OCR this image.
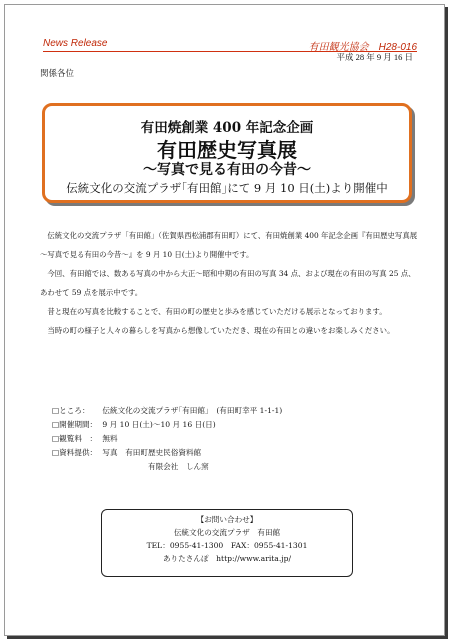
News Release	有田観光協会　H28-016
平成 28 年 9 月 16 日
関係各位
有田焼創業 400 年記念企画
有田歴史写真展
～写真で見る有田の今昔～
伝統文化の交流プラザ｢有田館｣にて 9 月 10 日(土)より開催中

伝統文化の交流プラザ「有田館」（佐賀県西松浦郡有田町）にて、有田焼創業 400 年記念企画『有田歴史写真展～写真で見る有田の今昔～』を 9 月 10 日(土)より開催中です。

今回、有田館では、数ある写真の中から大正～昭和中期の有田の写真 34 点、および現在の有田の写真 25 点、あわせて 59 点を展示中です。

昔と現在の写真を比較することで、有田の町の歴史と歩みを感じていただける展示となっております。

当時の町の様子と人々の暮らしを写真から想像していただき、現在の有田との違いをお楽しみください。

□ところ： 伝統文化の交流プラザ｢有田館｣　(有田町幸平 1-1-1)
□開催期間： 9 月 10 日(土)～10 月 16 日(日)
□観覧料　： 無料
□資料提供： 写真　有田町歴史民俗資料館
有限会社　しん窯
【お問い合わせ】
伝統文化の交流プラザ　有田館
TEL：0955-41-1300　FAX：0955-41-1301
ありたさんぽ　http://www.arita.jp/
